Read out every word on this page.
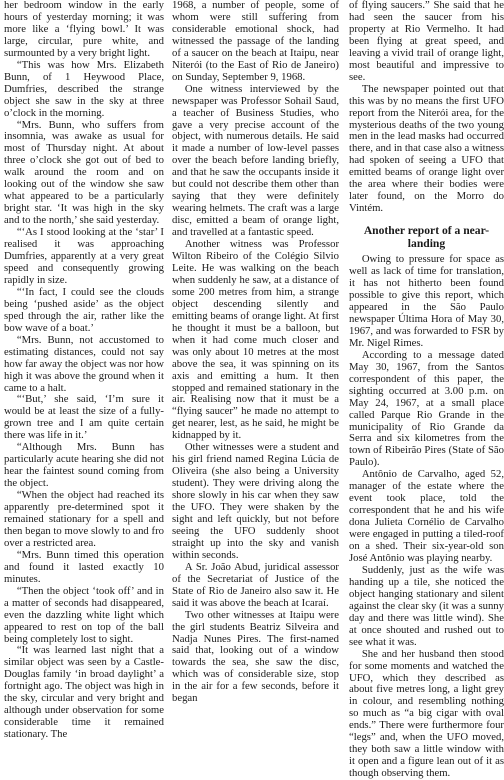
her bedroom window in the early hours of yesterday morning; it was more like a ‘flying bowl.’ It was large, circular, pure white, and surmounted by a very bright light.

“This was how Mrs. Elizabeth Bunn, of 1 Heywood Place, Dumfries, described the strange object she saw in the sky at three o’clock in the morning.

“Mrs. Bunn, who suffers from insomnia, was awake as usual for most of Thursday night. At about three o’clock she got out of bed to walk around the room and on looking out of the window she saw what appeared to be a particularly bright star. ‘It was high in the sky and to the north,’ she said yesterday.

“‘As I stood looking at the ‘star’ I realised it was approaching Dumfries, apparently at a very great speed and consequently growing rapidly in size.

“‘In fact, I could see the clouds being ‘pushed aside’ as the object sped through the air, rather like the bow wave of a boat.’

“Mrs. Bunn, not accustomed to estimating distances, could not say how far away the object was nor how high it was above the ground when it came to a halt.

“‘But,’ she said, ‘I’m sure it would be at least the size of a fully-grown tree and I am quite certain there was life in it.’

“Although Mrs. Bunn has particularly acute hearing she did not hear the faintest sound coming from the object.

“When the object had reached its apparently pre-determined spot it remained stationary for a spell and then began to move slowly to and fro over a restricted area.

“Mrs. Bunn timed this operation and found it lasted exactly 10 minutes.

“Then the object ‘took off’ and in a matter of seconds had disappeared, even the dazzling white light which appeared to rest on top of the ball being completely lost to sight.

“It was learned last night that a similar object was seen by a Castle-Douglas family ‘in broad daylight’ a fortnight ago. The object was high in the sky, circular and very bright and although under observation for some considerable time it remained stationary. The

1968, a number of people, some of whom were still suffering from considerable emotional shock, had witnessed the passage of the landing of a saucer on the beach at Itaipu, near Niterói (to the East of Rio de Janeiro) on Sunday, September 9, 1968.

One witness interviewed by the newspaper was Professor Sohail Saud, a teacher of Business Studies, who gave a very precise account of the object, with numerous details. He said it made a number of low-level passes over the beach before landing briefly, and that he saw the occupants inside it but could not describe them other than saying that they were definitely wearing helmets. The craft was a large disc, emitted a beam of orange light, and travelled at a fantastic speed.

Another witness was Professor Wilton Ribeiro of the Colégio Silvio Leite. He was walking on the beach when suddenly he saw, at a distance of some 200 metres from him, a strange object descending silently and emitting beams of orange light. At first he thought it must be a balloon, but when it had come much closer and was only about 10 metres at the most above the sea, it was spinning on its axis and emitting a hum. It then stopped and remained stationary in the air. Realising now that it must be a “flying saucer” he made no attempt to get nearer, lest, as he said, he might be kidnapped by it.

Other witnesses were a student and his girl friend named Regina Lúcia de Oliveira (she also being a University student). They were driving along the shore slowly in his car when they saw the UFO. They were shaken by the sight and left quickly, but not before seeing the UFO suddenly shoot straight up into the sky and vanish within seconds.

A Sr. João Abud, juridical assessor of the Secretariat of Justice of the State of Rio de Janeiro also saw it. He said it was above the beach at Icaraí.

Two other witnesses at Itaipu were the girl students Beatriz Silveira and Nadja Nunes Pires. The first-named said that, looking out of a window towards the sea, she saw the disc, which was of considerable size, stop in the air for a few seconds, before it began

of flying saucers.” She said that he had seen the saucer from his property at Rio Vermelho. It had been flying at great speed, and leaving a vivid trail of orange light, most beautiful and impressive to see.

The newspaper pointed out that this was by no means the first UFO report from the Niterói area, for the mysterious deaths of the two young men in the lead masks had occurred there, and in that case also a witness had spoken of seeing a UFO that emitted beams of orange light over the area where their bodies were later found, on the Morro do Vintém.

Another report of a near-landing

Owing to pressure for space as well as lack of time for translation, it has not hitherto been found possible to give this report, which appeared in the São Paulo newspaper Última Hora of May 30, 1967, and was forwarded to FSR by Mr. Nigel Rimes.

According to a message dated May 30, 1967, from the Santos correspondent of this paper, the sighting occurred at 3.00 p.m. on May 24, 1967, at a small place called Parque Rio Grande in the municipality of Rio Grande da Serra and six kilometres from the town of Ribeirão Pires (State of São Paulo).

Antônio de Carvalho, aged 52, manager of the estate where the event took place, told the correspondent that he and his wife dona Julieta Cornélio de Carvalho were engaged in putting a tiled-roof on a shed. Their six-year-old son José Antônio was playing nearby.

Suddenly, just as the wife was handing up a tile, she noticed the object hanging stationary and silent against the clear sky (it was a sunny day and there was little wind). She at once shouted and rushed out to see what it was.

She and her husband then stood for some moments and watched the UFO, which they described as about five metres long, a light grey in colour, and resembling nothing so much as “a big cigar with oval ends.” There were furthermore four “legs” and, when the UFO moved, they both saw a little window with it open and a figure lean out of it as though observing them.
